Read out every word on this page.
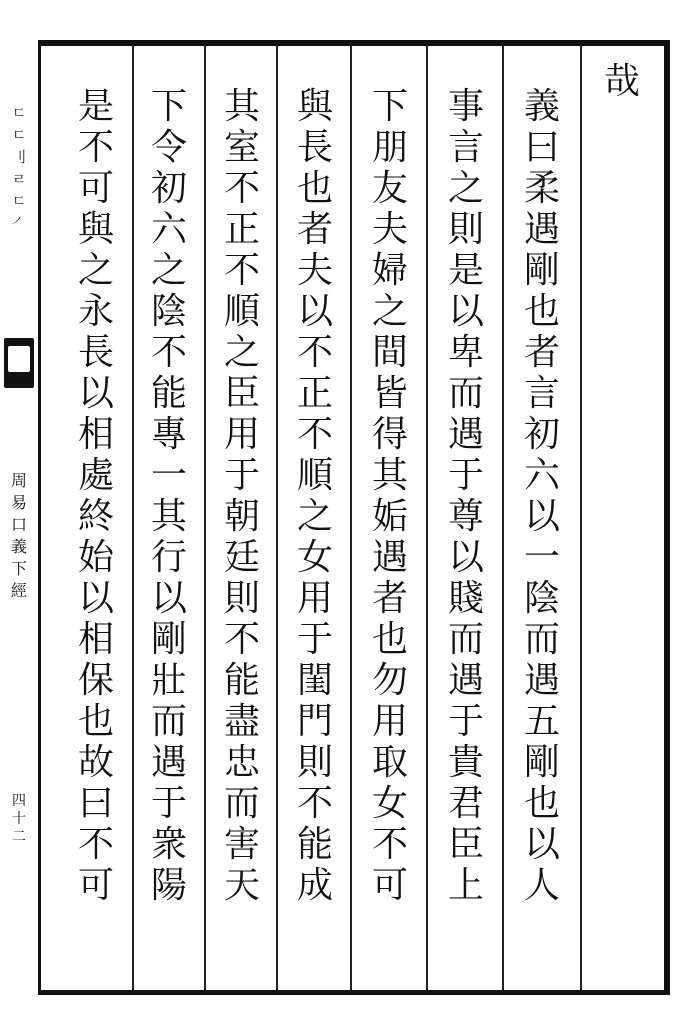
哉
義
曰
柔
遇
剛
也
者
言
初
六
以
一
陰
而
遇
五
剛
也
以
人
事
言
之
則
是
以
卑
而
遇
于
尊
以
賤
而
遇
于
貴
君
臣
上
下
朋
友
夫
婦
之
間
皆
得
其
姤
遇
者
也
勿
用
取
女
不
可
與
長
也
者
夫
以
不
正
不
順
之
女
用
于
閨
門
則
不
能
成
其
室
不
正
不
順
之
臣
用
于
朝
廷
則
不
能
盡
忠
而
害
天
下
令
初
六
之
陰
不
能
專
一
其
行
以
剛
壯
而
遇
于
衆
陽
是
不
可
與
之
永
長
以
相
處
終
始
以
相
保
也
故
曰
不
可
ㄷ
ㄷ
刂
ㄹ
ㄷ
㇒
周
易
口
義
下
經
四
十
二
